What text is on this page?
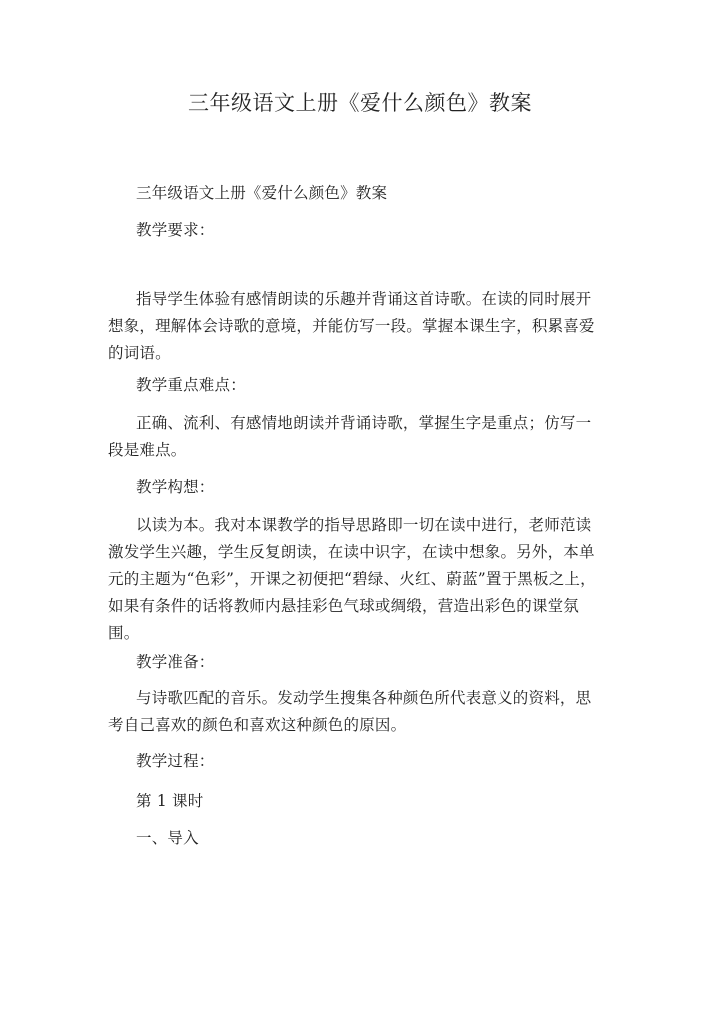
三年级语文上册《爱什么颜色》教案

三年级语文上册《爱什么颜色》教案

教学要求：

指导学生体验有感情朗读的乐趣并背诵这首诗歌。在读的同时展开想象，理解体会诗歌的意境，并能仿写一段。掌握本课生字，积累喜爱的词语。

教学重点难点：

正确、流利、有感情地朗读并背诵诗歌，掌握生字是重点；仿写一段是难点。

教学构想：

以读为本。我对本课教学的指导思路即一切在读中进行，老师范读激发学生兴趣，学生反复朗读，在读中识字，在读中想象。另外，本单元的主题为“色彩”，开课之初便把“碧绿、火红、蔚蓝”置于黑板之上，如果有条件的话将教师内悬挂彩色气球或绸缎，营造出彩色的课堂氛围。

教学准备：

与诗歌匹配的音乐。发动学生搜集各种颜色所代表意义的资料，思考自己喜欢的颜色和喜欢这种颜色的原因。

教学过程：

第 1 课时

一、导入
